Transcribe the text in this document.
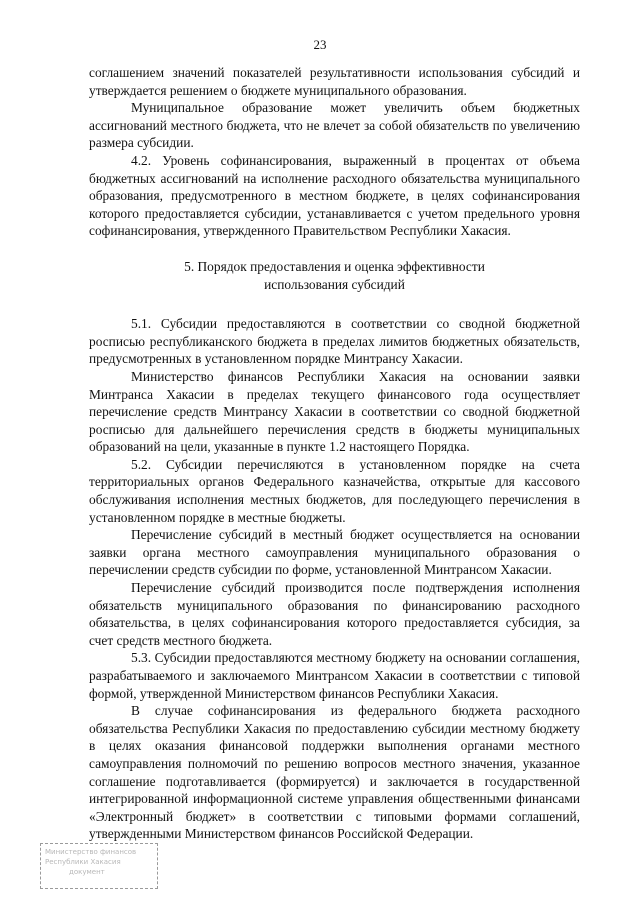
23

соглашением значений показателей результативности использования субсидий и утверждается решением о бюджете муниципального образования.

Муниципальное образование может увеличить объем бюджетных ассигнований местного бюджета, что не влечет за собой обязательств по увеличению размера субсидии.

4.2. Уровень софинансирования, выраженный в процентах от объема бюджетных ассигнований на исполнение расходного обязательства муниципального образования, предусмотренного в местном бюджете, в целях софинансирования которого предоставляется субсидии, устанавливается с учетом предельного уровня софинансирования, утвержденного Правительством Республики Хакасия.

5. Порядок предоставления и оценка эффективности
использования субсидий

5.1. Субсидии предоставляются в соответствии со сводной бюджетной росписью республиканского бюджета в пределах лимитов бюджетных обязательств, предусмотренных в установленном порядке Минтрансу Хакасии.

Министерство финансов Республики Хакасия на основании заявки Минтранса Хакасии в пределах текущего финансового года осуществляет перечисление средств Минтрансу Хакасии в соответствии со сводной бюджетной росписью для дальнейшего перечисления средств в бюджеты муниципальных образований на цели, указанные в пункте 1.2 настоящего Порядка.

5.2. Субсидии перечисляются в установленном порядке на счета территориальных органов Федерального казначейства, открытые для кассового обслуживания исполнения местных бюджетов, для последующего перечисления в установленном порядке в местные бюджеты.

Перечисление субсидий в местный бюджет осуществляется на основании заявки органа местного самоуправления муниципального образования о перечислении средств субсидии по форме, установленной Минтрансом Хакасии.

Перечисление субсидий производится после подтверждения исполнения обязательств муниципального образования по финансированию расходного обязательства, в целях софинансирования которого предоставляется субсидия, за счет средств местного бюджета.

5.3. Субсидии предоставляются местному бюджету на основании соглашения, разрабатываемого и заключаемого Минтрансом Хакасии в соответствии с типовой формой, утвержденной Министерством финансов Республики Хакасия.

В случае софинансирования из федерального бюджета расходного обязательства Республики Хакасия по предоставлению субсидии местному бюджету в целях оказания финансовой поддержки выполнения органами местного самоуправления полномочий по решению вопросов местного значения, указанное соглашение подготавливается (формируется) и заключается в государственной интегрированной информационной системе управления общественными финансами «Электронный бюджет» в соответствии с типовыми формами соглашений, утвержденными Министерством финансов Российской Федерации.

Министерство финансов
Республики Хакасия
документ
